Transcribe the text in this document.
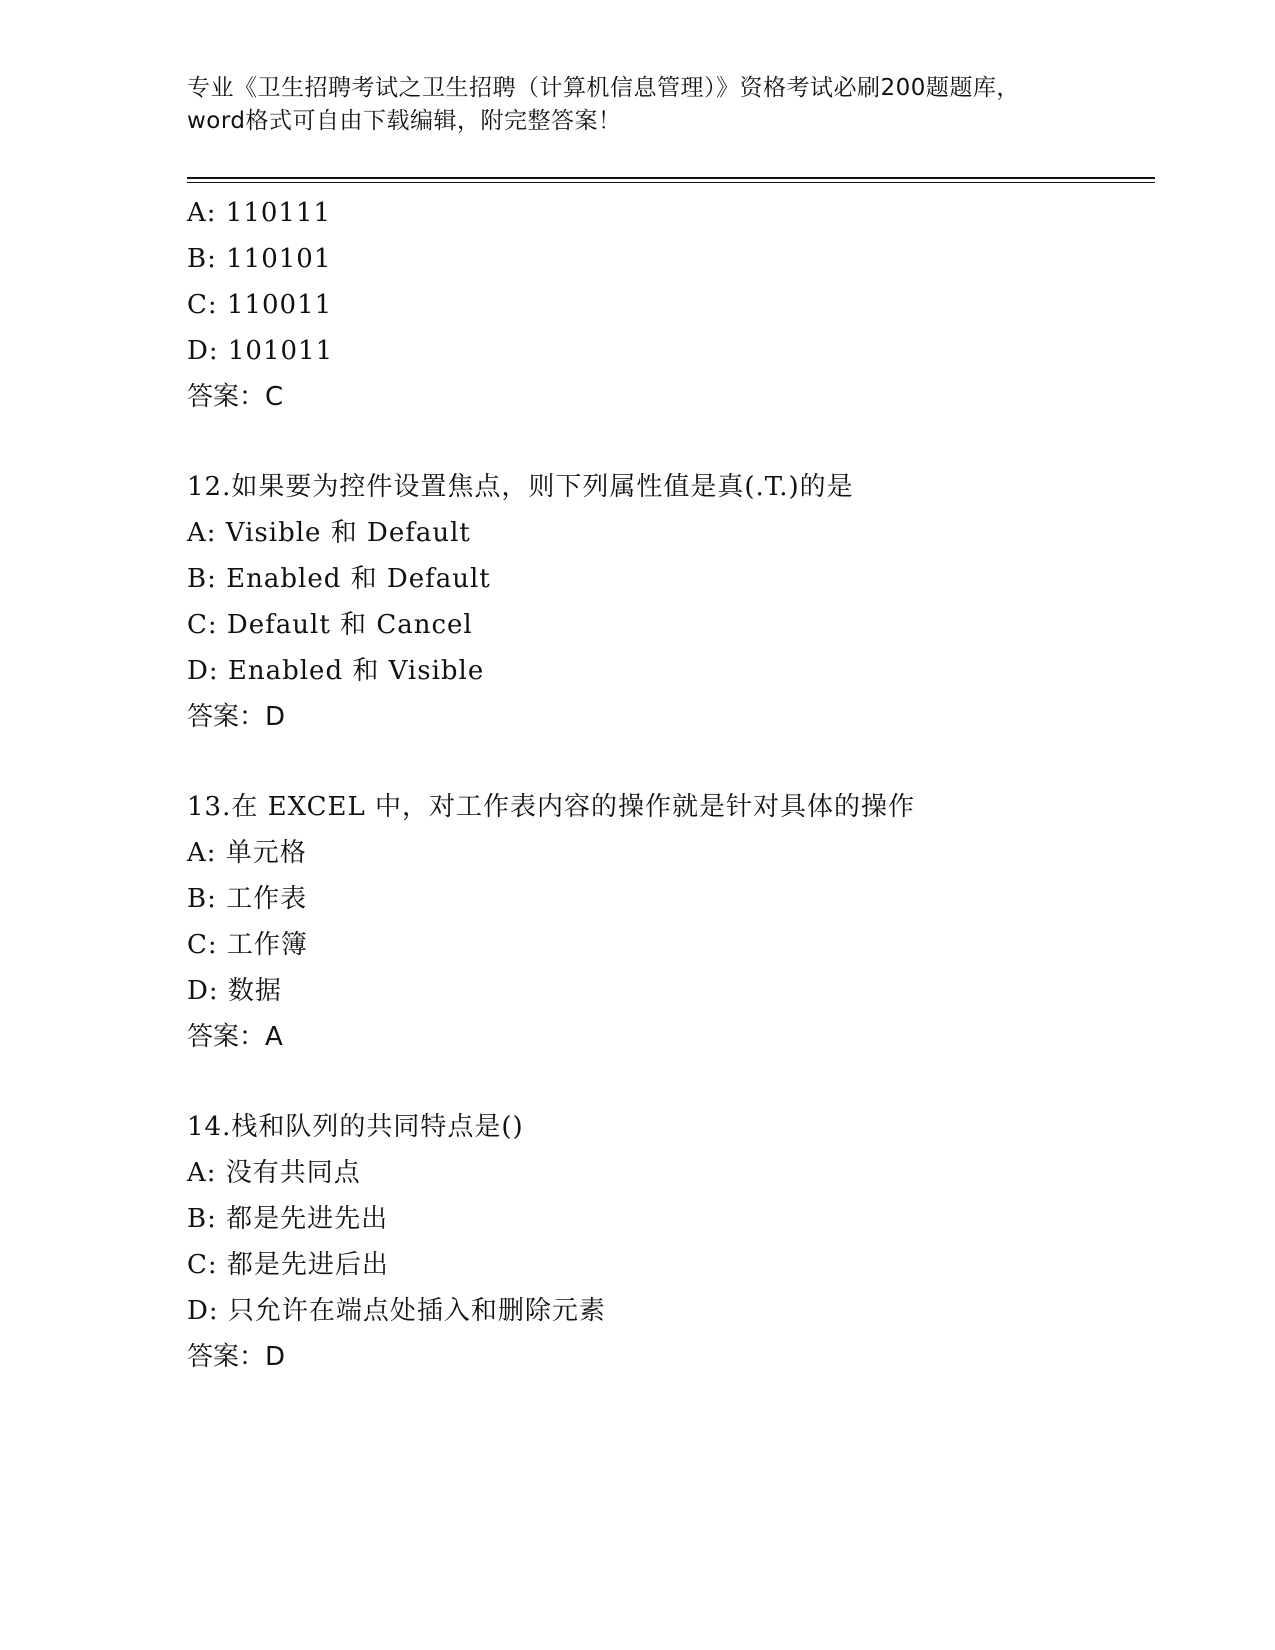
专业《卫生招聘考试之卫生招聘（计算机信息管理）》资格考试必刷200题题库，
word格式可自由下载编辑，附完整答案！
A: 110111
B: 110101
C: 110011
D: 101011
答案：C
12.如果要为控件设置焦点，则下列属性值是真(.T.)的是
A: Visible 和 Default
B: Enabled 和 Default
C: Default 和 Cancel
D: Enabled 和 Visible
答案：D
13.在 EXCEL 中，对工作表内容的操作就是针对具体的操作
A: 单元格
B: 工作表
C: 工作簿
D: 数据
答案：A
14.栈和队列的共同特点是()
A: 没有共同点
B: 都是先进先出
C: 都是先进后出
D: 只允许在端点处插入和删除元素
答案：D
